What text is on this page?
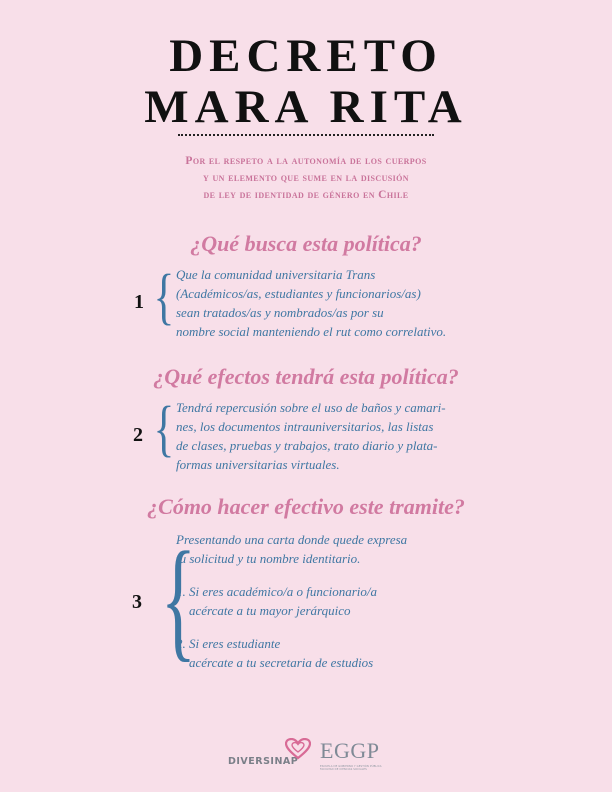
DECRETO
MARA RITA
Por el respeto a la autonomía de los cuerpos
y un elemento que sume en la discusión
de ley de identidad de género en Chile
¿Qué busca esta política?
1 { Que la comunidad universitaria Trans
(Académicos/as, estudiantes y funcionarios/as)
sean tratados/as y nombrados/as por su
nombre social manteniendo el rut como correlativo.
¿Qué efectos tendrá esta política?
2 { Tendrá repercusión sobre el uso de baños y camari-
nes, los documentos intrauniversitarios, las listas
de clases, pruebas y trabajos, trato diario y plata-
formas universitarias virtuales.
¿Cómo hacer efectivo este tramite?
3 {
Presentando una carta donde quede expresa
tu solicitud y tu nombre identitario.
1. Si eres académico/a o funcionario/a
acércate a tu mayor jerárquico
2. Si eres estudiante
acércate a tu secretaria de estudios
DIVERSINAP EGGP
ESCUELA DE GOBIERNO Y GESTIÓN PÚBLICA FACULTAD DE CIENCIAS SOCIALES
